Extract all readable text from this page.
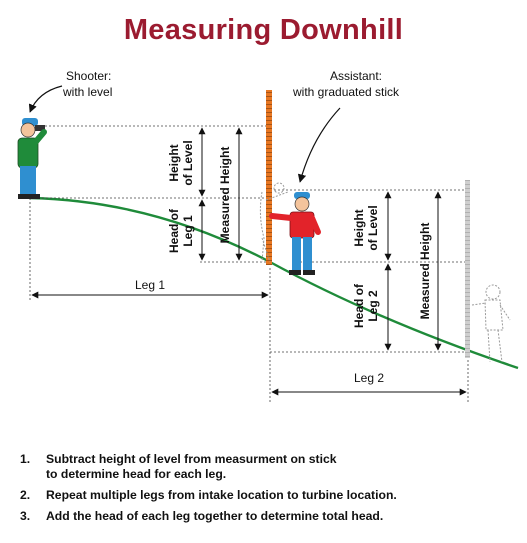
Measuring Downhill
Shooter:
with level
Assistant:
with graduated stick
Height of Level
Head of Leg 1 Measured Height	Height of Level
Head of Leg 2	Measured Height
Leg 1
Leg 2
1. Subtract height of level from measurment on stick
to determine head for each leg.
2. Repeat multiple legs from intake location to turbine location.
3. Add the head of each leg together to determine total head.
